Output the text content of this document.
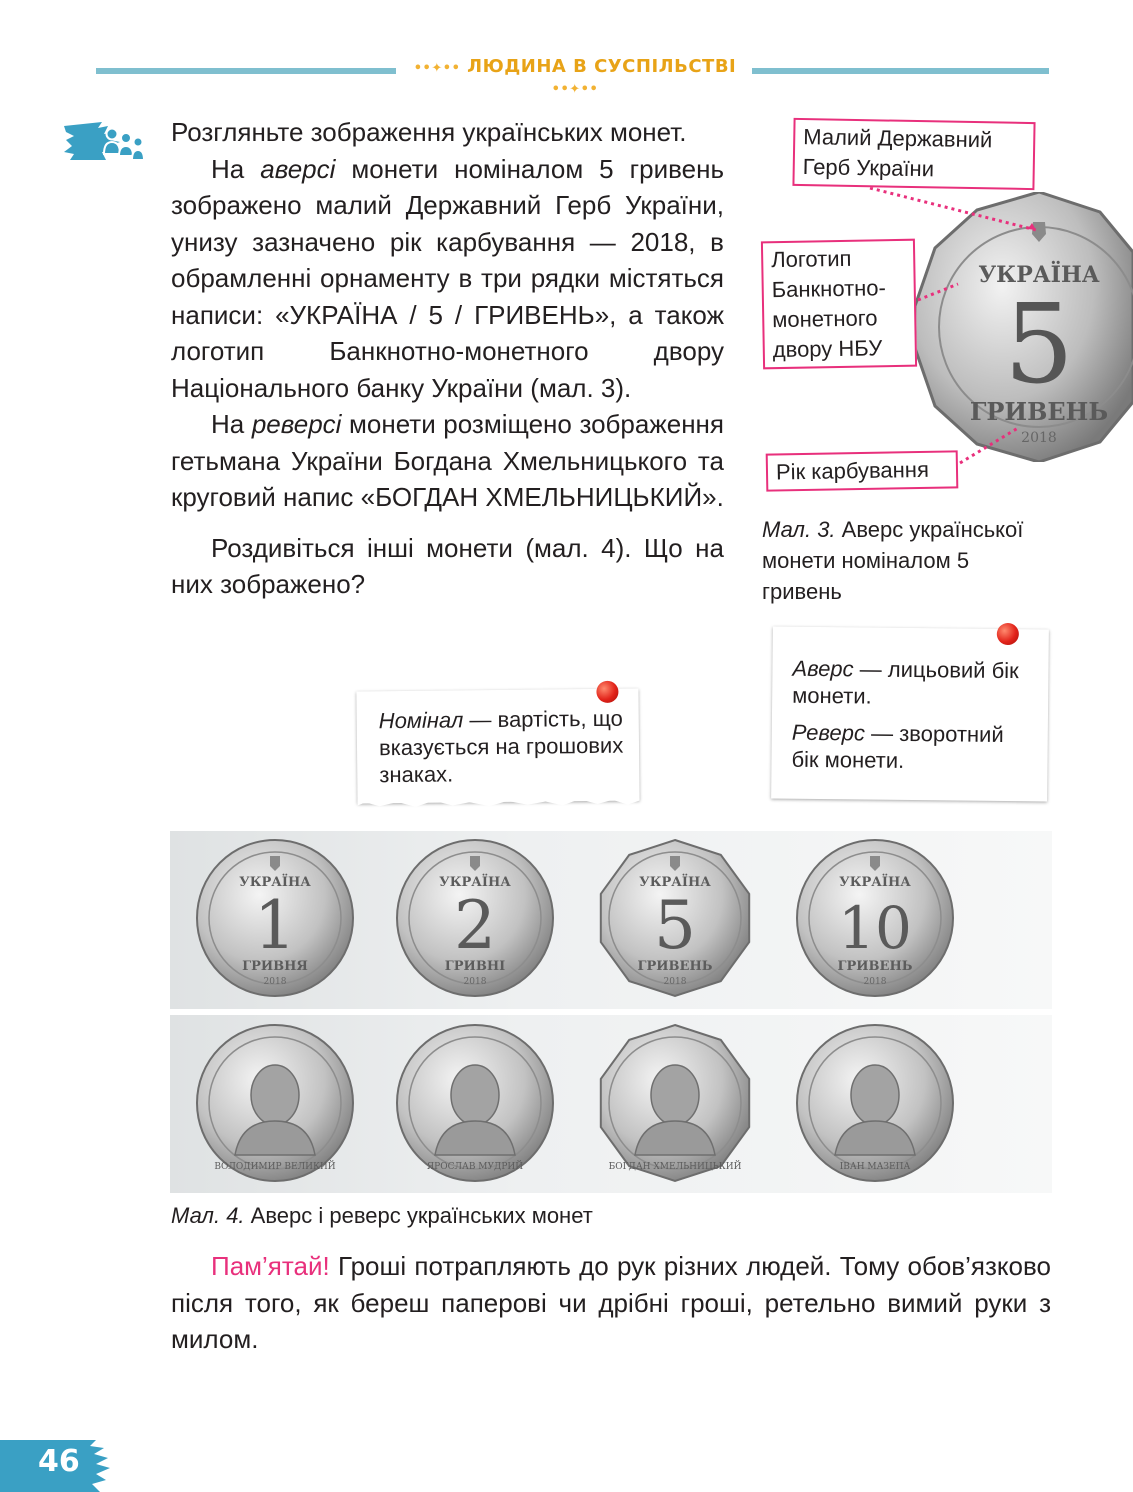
••✦•• ЛЮДИНА В СУСПІЛЬСТВІ ••✦••

Розгляньте зображення українських монет.

На аверсі монети номіналом 5 гривень зображено малий Державний Герб України, унизу зазначено рік карбування — 2018, в обрамленні орнаменту в три рядки містяться написи: «УКРАЇНА / 5 / ГРИВЕНЬ», а також логотип Банкнотно-монетного двору Національного банку України (мал. 3).

На реверсі монети розміщено зображення гетьмана України Богдана Хмельницького та круговий напис «БОГДАН ХМЕЛЬНИЦЬКИЙ».

Роздивіться інші монети (мал. 4). Що на них зображено?

Номінал — вартість, що вказується на грошових знаках.
Аверс — лицьовий бік монети.
Реверс — зворотний бік монети.
УКРАЇНА
5
ГРИВЕНЬ
2018
Малий Державний Герб України
Логотип Банкнотно-монетного двору НБУ
Рік карбування
Мал. 3. Аверс української монети номіналом 5 гривень
УКРАЇНА
1
ГРИВНЯ
2018
УКРАЇНА
2
ГРИВНІ
2018
УКРАЇНА
5
ГРИВЕНЬ
2018
УКРАЇНА
10
ГРИВЕНЬ
2018
ВОЛОДИМИР ВЕЛИКИЙ	ЯРОСЛАВ МУДРИЙ	БОГДАН ХМЕЛЬНИЦЬКИЙ	ІВАН МАЗЕПА
Мал. 4. Аверс і реверс українських монет
Пам’ятай! Гроші потрапляють до рук різних людей. Тому обов’язково після того, як береш паперові чи дрібні гроші, ретельно вимий руки з милом.
46
